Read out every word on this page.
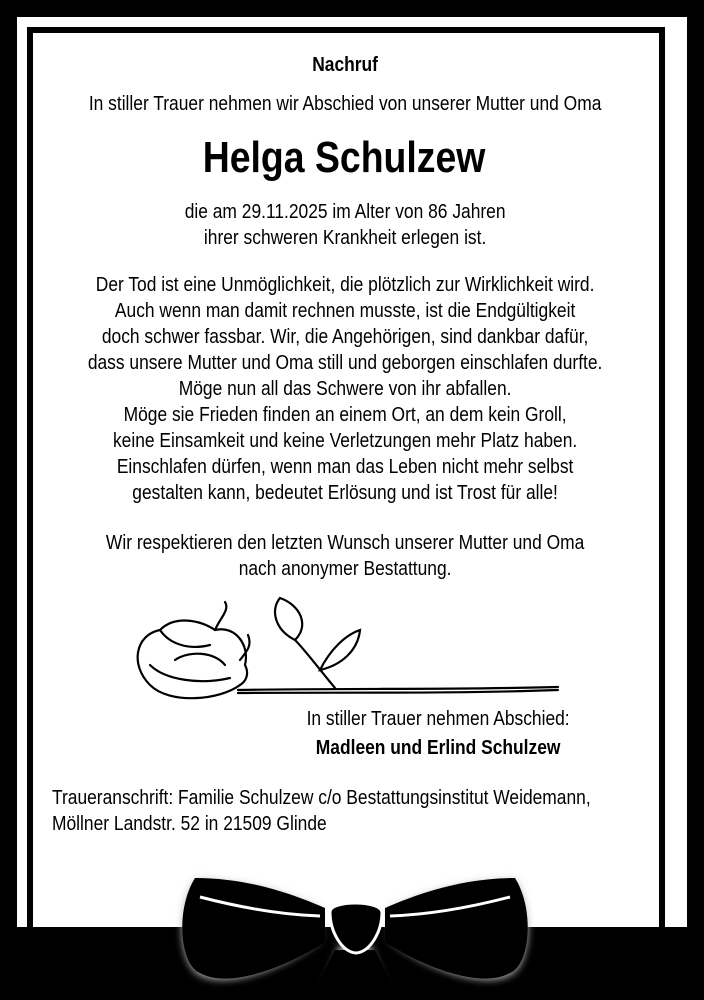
Nachruf
In stiller Trauer nehmen wir Abschied von unserer Mutter und Oma
Helga Schulzew
die am 29.11.2025 im Alter von 86 Jahren
ihrer schweren Krankheit erlegen ist.
Der Tod ist eine Unmöglichkeit, die plötzlich zur Wirklichkeit wird.
Auch wenn man damit rechnen musste, ist die Endgültigkeit
doch schwer fassbar. Wir, die Angehörigen, sind dankbar dafür,
dass unsere Mutter und Oma still und geborgen einschlafen durfte.
Möge nun all das Schwere von ihr abfallen.
Möge sie Frieden finden an einem Ort, an dem kein Groll,
keine Einsamkeit und keine Verletzungen mehr Platz haben.
Einschlafen dürfen, wenn man das Leben nicht mehr selbst
gestalten kann, bedeutet Erlösung und ist Trost für alle!
Wir respektieren den letzten Wunsch unserer Mutter und Oma
nach anonymer Bestattung.
In stiller Trauer nehmen Abschied:
Madleen und Erlind Schulzew
Traueranschrift: Familie Schulzew c/o Bestattungsinstitut Weidemann,
Möllner Landstr. 52 in 21509 Glinde
